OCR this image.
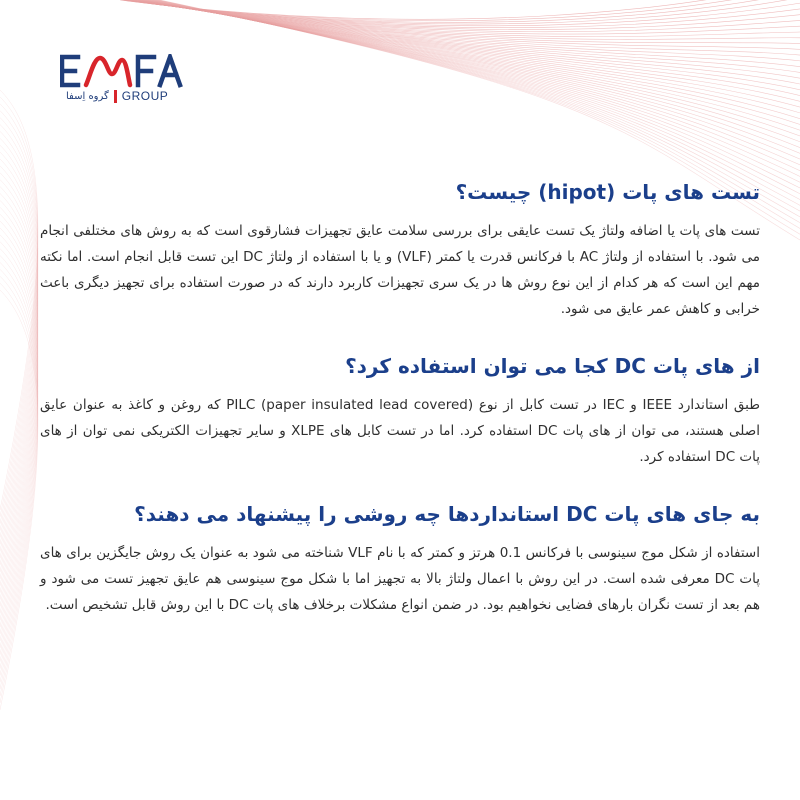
گروه اِسفا GROUP
تست های پات (hipot) چیست؟

تست های پات یا اضافه ولتاژ یک تست عایقی برای بررسی سلامت عایق تجهیزات فشارقوی است که به روش های مختلفی انجام می شود. با استفاده از ولتاژ AC با فرکانس قدرت یا کمتر (VLF) و یا با استفاده از ولتاژ DC این تست قابل انجام است. اما نکته مهم این است که هر کدام از این نوع روش ها در یک سری تجهیزات کاربرد دارند که در صورت استفاده برای تجهیز دیگری باعث خرابی و کاهش عمر عایق می شود.

از های پات DC کجا می توان استفاده کرد؟

طبق استاندارد IEEE و IEC در تست کابل از نوع PILC (paper insulated lead covered) که روغن و کاغذ به عنوان عایق اصلی هستند، می توان از های پات DC استفاده کرد. اما در تست کابل های XLPE و سایر تجهیزات الکتریکی نمی توان از های پات DC استفاده کرد.

به جای های پات DC استانداردها چه روشی را پیشنهاد می دهند؟

استفاده از شکل موج سینوسی با فرکانس 0.1 هرتز و کمتر که با نام VLF شناخته می شود به عنوان یک روش جایگزین برای های پات DC معرفی شده است. در این روش با اعمال ولتاژ بالا به تجهیز اما با شکل موج سینوسی هم عایق تجهیز تست می شود و هم بعد از تست نگران بارهای فضایی نخواهیم بود. در ضمن انواع مشکلات برخلاف های پات DC با این روش قابل تشخیص است.
